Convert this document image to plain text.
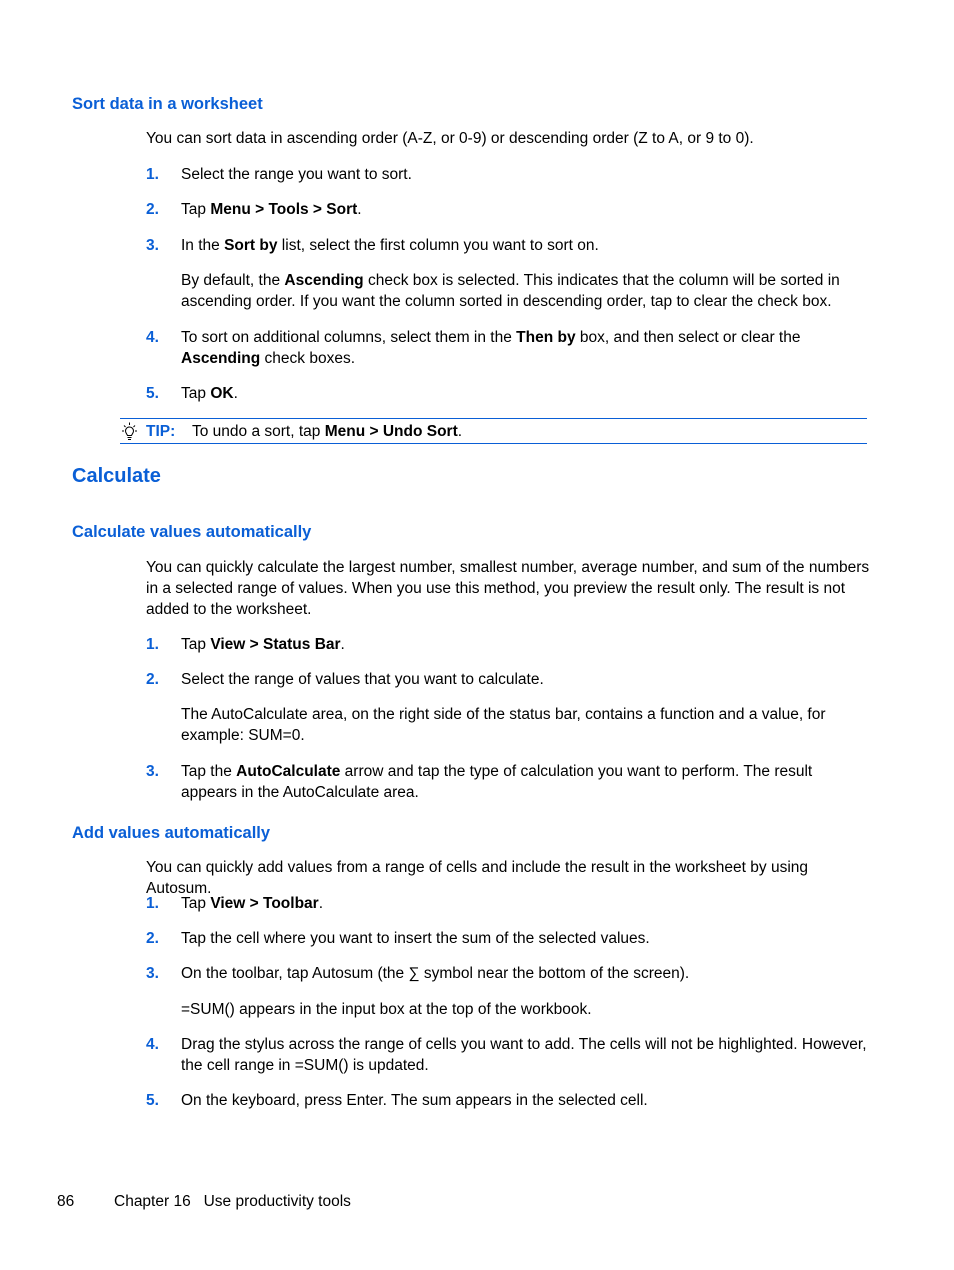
Sort data in a worksheet

You can sort data in ascending order (A-Z, or 0-9) or descending order (Z to A, or 9 to 0).

1. Select the range you want to sort.
2. Tap Menu > Tools > Sort.
3. In the Sort by list, select the first column you want to sort on.

By default, the Ascending check box is selected. This indicates that the column will be sorted in ascending order. If you want the column sorted in descending order, tap to clear the check box.

4. To sort on additional columns, select them in the Then by box, and then select or clear the Ascending check boxes.
5. Tap OK.
TIP: To undo a sort, tap Menu > Undo Sort.
Calculate
Calculate values automatically

You can quickly calculate the largest number, smallest number, average number, and sum of the numbers in a selected range of values. When you use this method, you preview the result only. The result is not added to the worksheet.

1. Tap View > Status Bar.
2. Select the range of values that you want to calculate.

The AutoCalculate area, on the right side of the status bar, contains a function and a value, for example: SUM=0.

3. Tap the AutoCalculate arrow and tap the type of calculation you want to perform. The result appears in the AutoCalculate area.
Add values automatically

You can quickly add values from a range of cells and include the result in the worksheet by using Autosum.

1. Tap View > Toolbar.
2. Tap the cell where you want to insert the sum of the selected values.
3. On the toolbar, tap Autosum (the ∑ symbol near the bottom of the screen).

=SUM() appears in the input box at the top of the workbook.

4. Drag the stylus across the range of cells you want to add. The cells will not be highlighted. However, the cell range in =SUM() is updated.
5. On the keyboard, press Enter. The sum appears in the selected cell.
86	Chapter 16   Use productivity tools
